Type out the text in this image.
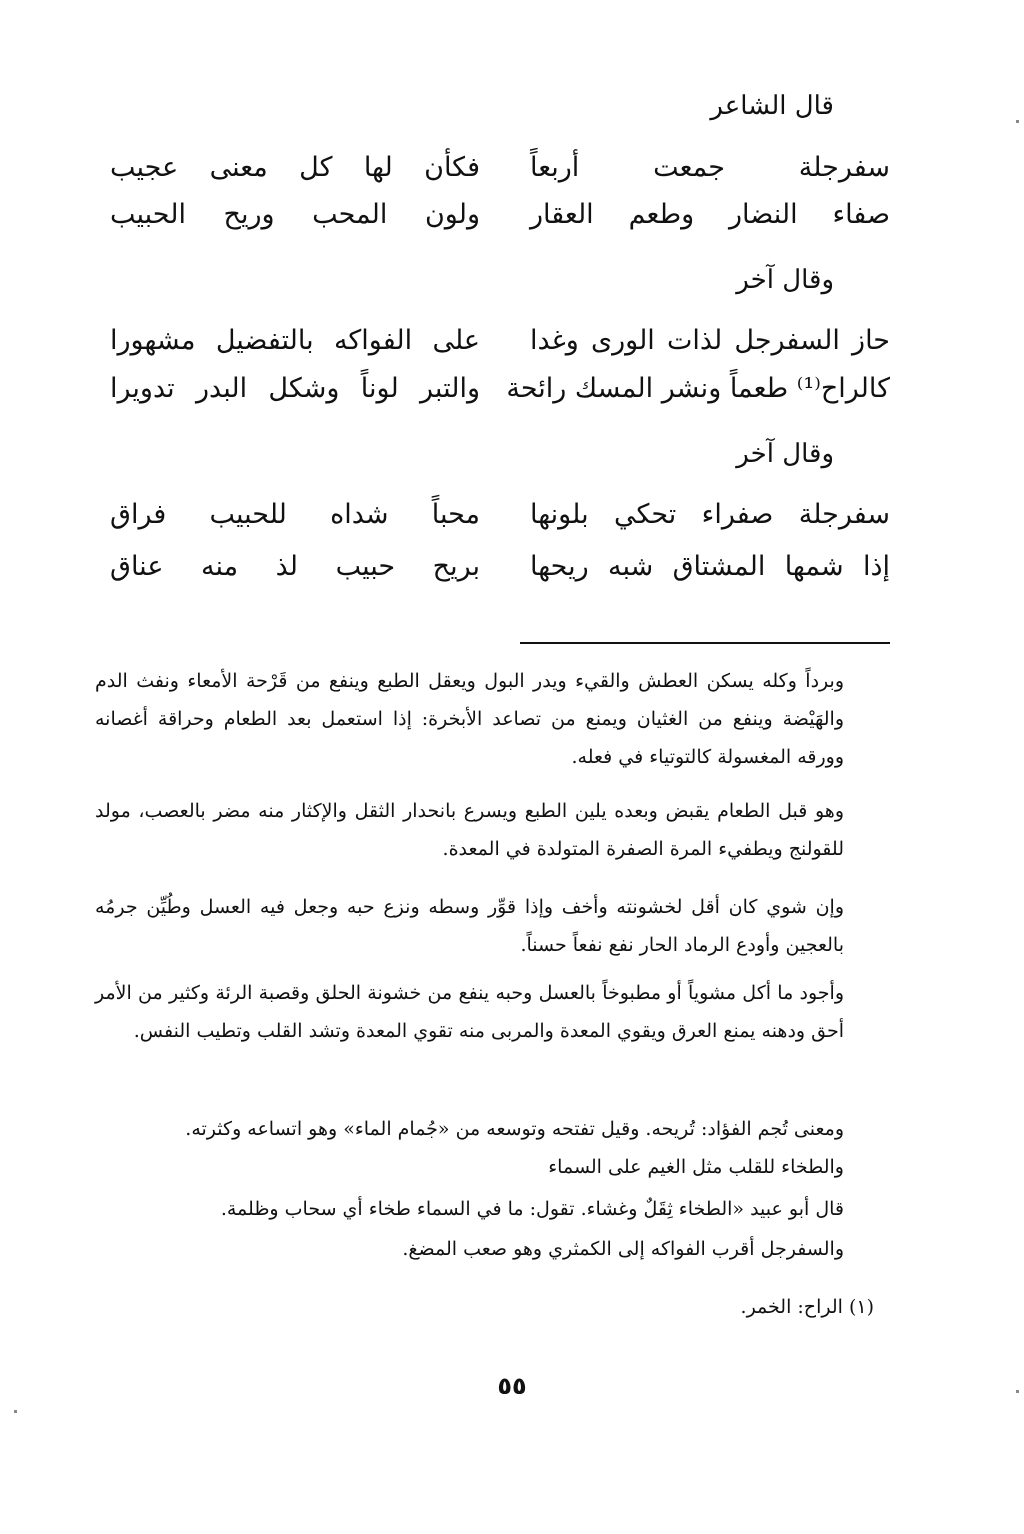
قال الشاعر
سفرجلة جمعت أربعاً
فكأن لها كل معنى عجيب
صفاء النضار وطعم العقار
ولون المحب وريح الحبيب
وقال آخر
حاز السفرجل لذات الورى وغدا
على الفواكه بالتفضيل مشهورا
كالراح⁽¹⁾ طعماً ونشر المسك رائحة
والتبر لوناً وشكل البدر تدويرا
وقال آخر
سفرجلة صفراء تحكي بلونها
محباً شداه للحبيب فراق
إذا شمها المشتاق شبه ريحها
بريح حبيب لذ منه عناق
وبرداً وكله يسكن العطش والقيء ويدر البول ويعقل الطبع وينفع من قَرْحة الأمعاء ونفث الدم والهَيْضة وينفع من الغثيان ويمنع من تصاعد الأبخرة: إذا استعمل بعد الطعام وحراقة أغصانه وورقه المغسولة كالتوتياء في فعله.
وهو قبل الطعام يقبض وبعده يلين الطبع ويسرع بانحدار الثقل والإكثار منه مضر بالعصب، مولد للقولنج ويطفيء المرة الصفرة المتولدة في المعدة.
وإن شوي كان أقل لخشونته وأخف وإذا قوِّر وسطه ونزع حبه وجعل فيه العسل وطُيِّن جرمُه بالعجين وأودع الرماد الحار نفع نفعاً حسناً.
وأجود ما أكل مشوياً أو مطبوخاً بالعسل وحبه ينفع من خشونة الحلق وقصبة الرئة وكثير من الأمر أحق ودهنه يمنع العرق ويقوي المعدة والمربى منه تقوي المعدة وتشد القلب وتطيب النفس.
ومعنى تُجم الفؤاد: تُريحه. وقيل تفتحه وتوسعه من «جُمام الماء» وهو اتساعه وكثرته.
والطخاء للقلب مثل الغيم على السماء
قال أبو عبيد «الطخاء ثِقَلٌ وغشاء. تقول: ما في السماء طخاء أي سحاب وظلمة.
والسفرجل أقرب الفواكه إلى الكمثري وهو صعب المضغ.
(١) الراح: الخمر.
٥٥
